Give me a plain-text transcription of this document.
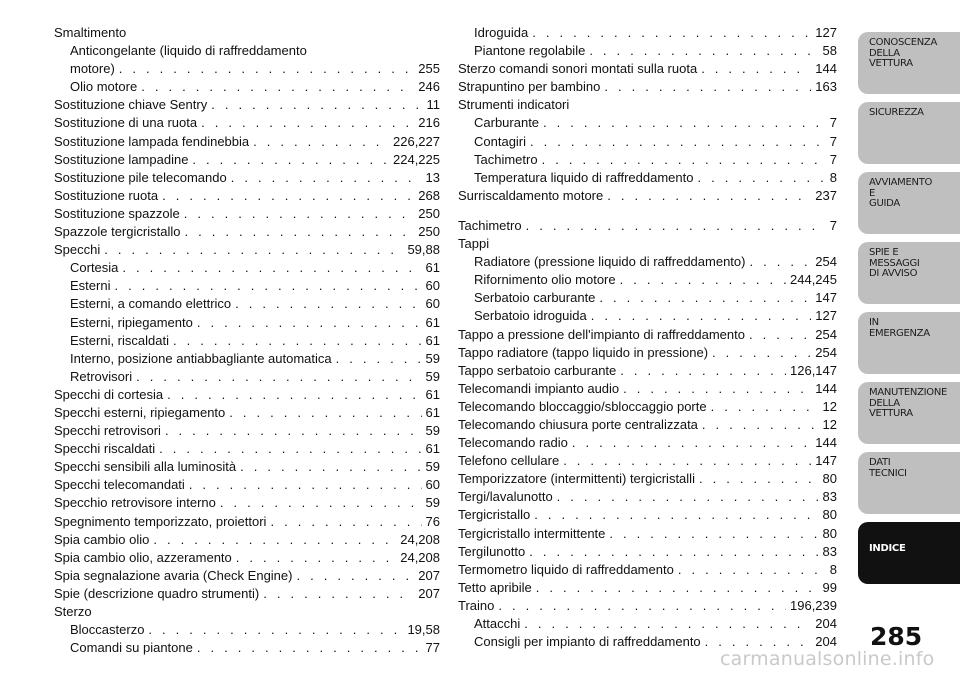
Smaltimento
Anticongelante (liquido di raffreddamento
motore) . . .	255
Olio motore . . .	246
Sostituzione chiave Sentry . . .	11
Sostituzione di una ruota . . .	216
Sostituzione lampada fendinebbia . . .	226,227
Sostituzione lampadine . . .	224,225
Sostituzione pile telecomando . . .	13
Sostituzione ruota . . .	268
Sostituzione spazzole . . .	250
Spazzole tergicristallo . . .	250
Specchi . . .	59,88
Cortesia . . .	61
Esterni . . .	60
Esterni, a comando elettrico . . .	60
Esterni, ripiegamento . . .	61
Esterni, riscaldati . . .	61
Interno, posizione antiabbagliante automatica . . .	59
Retrovisori . . .	59
Specchi di cortesia . . .	61
Specchi esterni, ripiegamento . . .	61
Specchi retrovisori . . .	59
Specchi riscaldati . . .	61
Specchi sensibili alla luminosità . . .	59
Specchi telecomandati . . .	60
Specchio retrovisore interno . . .	59
Spegnimento temporizzato, proiettori . . .	76
Spia cambio olio . . .	24,208
Spia cambio olio, azzeramento . . .	24,208
Spia segnalazione avaria (Check Engine) . . .	207
Spie (descrizione quadro strumenti) . . .	207
Sterzo
Bloccasterzo . . .	19,58
Comandi su piantone . . .	77
Idroguida . . .	127
Piantone regolabile . . .	58
Sterzo comandi sonori montati sulla ruota . . .	144
Strapuntino per bambino . . .	163
Strumenti indicatori
Carburante . . .	7
Contagiri . . .	7
Tachimetro . . .	7
Temperatura liquido di raffreddamento . . .	8
Surriscaldamento motore . . .	237
Tachimetro . . .	7
Tappi
Radiatore (pressione liquido di raffreddamento) . . .	254
Rifornimento olio motore . . .	244,245
Serbatoio carburante . . .	147
Serbatoio idroguida . . .	127
Tappo a pressione dell'impianto di raffreddamento . . .	254
Tappo radiatore (tappo liquido in pressione) . . .	254
Tappo serbatoio carburante . . .	126,147
Telecomandi impianto audio . . .	144
Telecomando bloccaggio/sbloccaggio porte . . .	12
Telecomando chiusura porte centralizzata . . .	12
Telecomando radio . . .	144
Telefono cellulare . . .	147
Temporizzatore (intermittenti) tergicristalli . . .	80
Tergi/lavalunotto . . .	83
Tergicristallo . . .	80
Tergicristallo intermittente . . .	80
Tergilunotto . . .	83
Termometro liquido di raffreddamento . . .	8
Tetto apribile . . .	99
Traino . . .	196,239
Attacchi . . .	204
Consigli per impianto di raffreddamento . . .	204
CONOSCENZA
DELLA
VETTURA
SICUREZZA
AVVIAMENTO
E
GUIDA
SPIE E
MESSAGGI
DI AVVISO
IN
EMERGENZA
MANUTENZIONE
DELLA
VETTURA
DATI
TECNICI
INDICE
285
carmanualsonline.info
